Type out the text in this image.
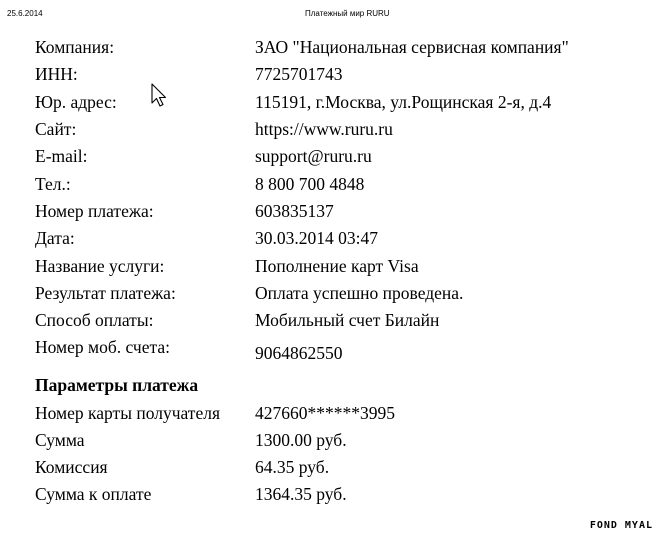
25.6.2014	Платежный мир RURU
Компания:	ЗАО "Национальная сервисная компания"
ИНН:	7725701743
Юр. адрес:	115191, г.Москва, ул.Рощинская 2-я, д.4
Сайт:	https://www.ruru.ru
E-mail:	support@ruru.ru
Тел.:	8 800 700 4848
Номер платежа:	603835137
Дата:	30.03.2014 03:47
Название услуги:	Пополнение карт Visa
Результат платежа:	Оплата успешно проведена.
Способ оплаты:	Мобильный счет Билайн
Номер моб. счета:	9064862550
Параметры платежа
Номер карты получателя 427660******3995
Сумма	1300.00 руб.
Комиссия	64.35 руб.
Сумма к оплате	1364.35 руб.
FOND MYAL
